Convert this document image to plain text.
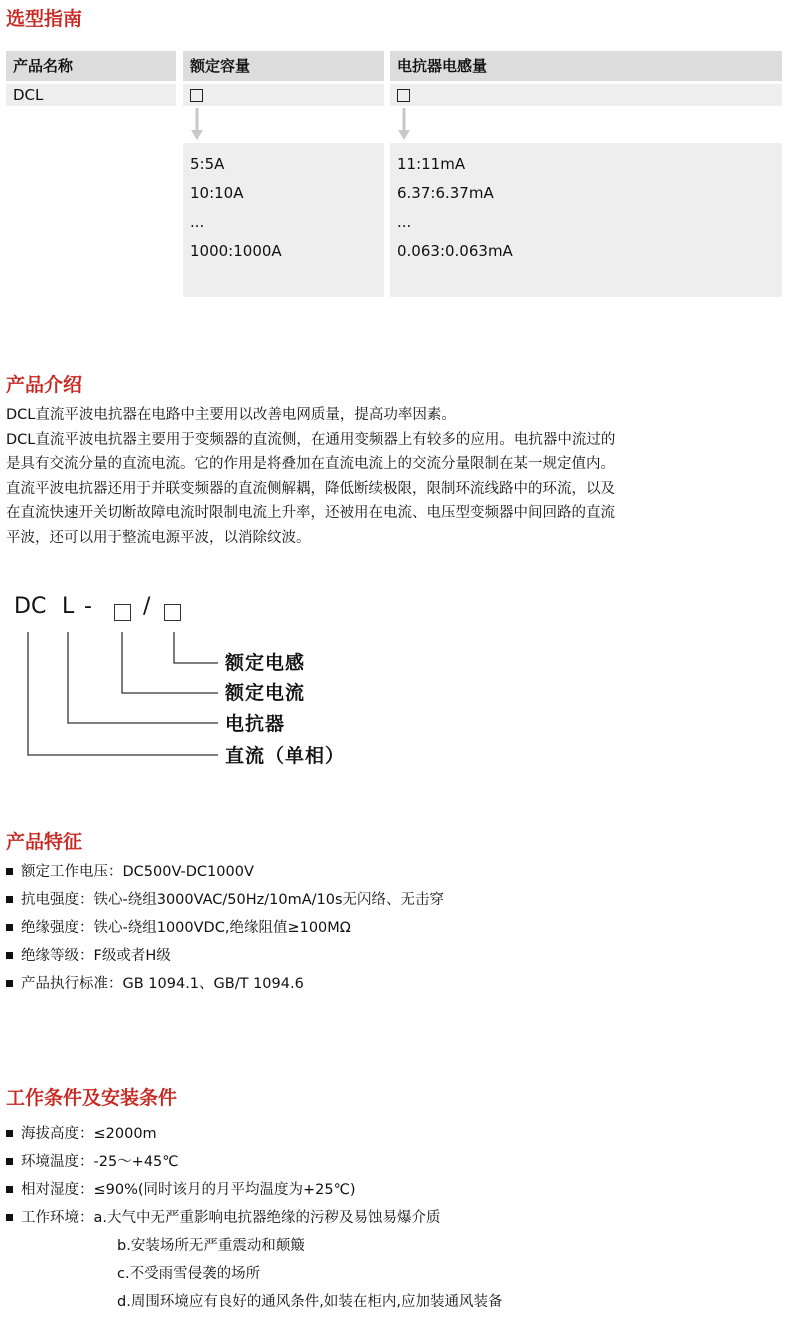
选型指南
产品名称	额定容量	电抗器电感量
DCL
5:5A
10:10A
...
1000:1000A
11:11mA
6.37:6.37mA
...
0.063:0.063mA
产品介绍
DCL直流平波电抗器在电路中主要用以改善电网质量，提高功率因素。
DCL直流平波电抗器主要用于变频器的直流侧，在通用变频器上有较多的应用。电抗器中流过的
是具有交流分量的直流电流。它的作用是将叠加在直流电流上的交流分量限制在某一规定值内。
直流平波电抗器还用于并联变频器的直流侧解耦，降低断续极限，限制环流线路中的环流，以及
在直流快速开关切断故障电流时限制电流上升率，还被用在电流、电压型变频器中间回路的直流
平波，还可以用于整流电源平波，以消除纹波。
DC L - /
额定电感
额定电流
电抗器
直流（单相）
产品特征
额定工作电压：DC500V-DC1000V
抗电强度：铁心-绕组3000VAC/50Hz/10mA/10s无闪络、无击穿
绝缘强度：铁心-绕组1000VDC,绝缘阻值≥100MΩ
绝缘等级：F级或者H级
产品执行标准：GB 1094.1、GB/T 1094.6
工作条件及安装条件
海拔高度：≤2000m
环境温度：-25～+45℃
相对湿度：≤90%(同时该月的月平均温度为+25℃)
工作环境：a.大气中无严重影响电抗器绝缘的污秽及易蚀易爆介质
b.安装场所无严重震动和颠簸
c.不受雨雪侵袭的场所
d.周围环境应有良好的通风条件,如装在柜内,应加装通风装备
